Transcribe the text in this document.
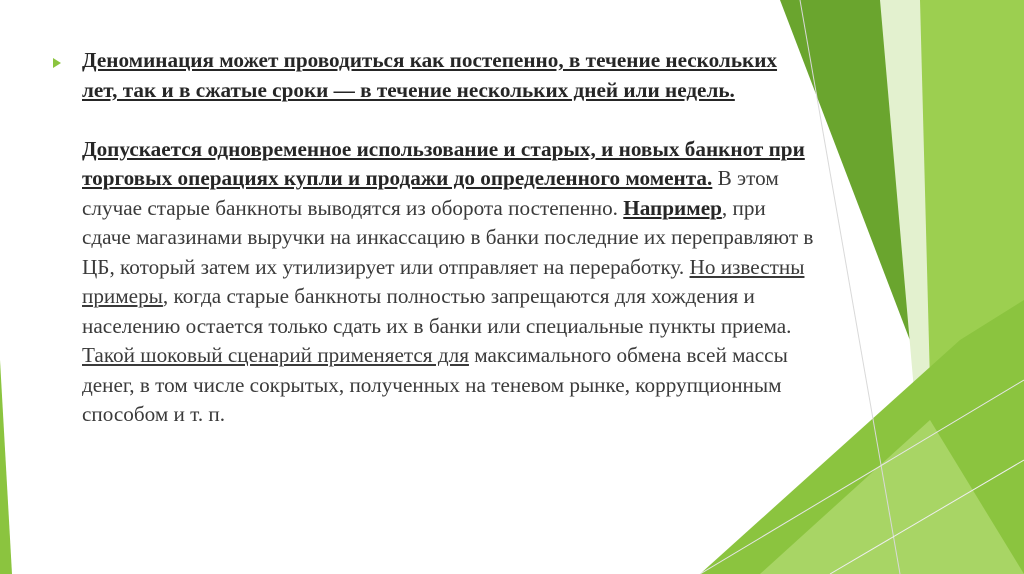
Деноминация может проводиться как постепенно, в течение нескольких лет, так и в сжатые сроки — в течение нескольких дней или недель.

Допускается одновременное использование и старых, и новых банкнот при торговых операциях купли и продажи до определенного момента. В этом случае старые банкноты выводятся из оборота постепенно. Например, при сдаче магазинами выручки на инкассацию в банки последние их переправляют в ЦБ, который затем их утилизирует или отправляет на переработку. Но известны примеры, когда старые банкноты полностью запрещаются для хождения и населению остается только сдать их в банки или специальные пункты приема. Такой шоковый сценарий применяется для максимального обмена всей массы денег, в том числе сокрытых, полученных на теневом рынке, коррупционным способом и т. п.
